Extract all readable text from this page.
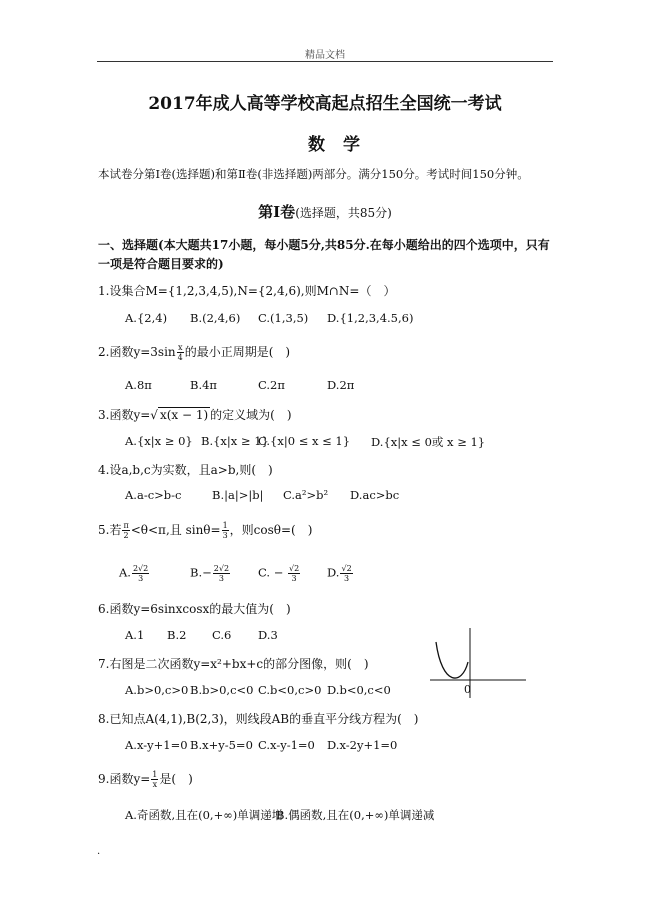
精品文档
2017年成人高等学校高起点招生全国统一考试
数学
本试卷分第Ⅰ卷(选择题)和第Ⅱ卷(非选择题)两部分。满分150分。考试时间150分钟。
第Ⅰ卷(选择题，共85分)
一、选择题(本大题共17小题，每小题5分,共85分.在每小题给出的四个选项中，只有一项是符合题目要求的)
1.设集合M={1,2,3,4,5),N={2,4,6),则M∩N=（　）
A.{2,4) B.(2,4,6) C.(1,3,5) D.{1,2,3,4.5,6)
2.函数$y=3\sin \frac{x}{4}$ 的最小正周期是(　)
A.8π	B.4π	C.2π	D.2π
3.函数y=√ x(x − 1) 的定义域为(　)
A.{x|x ≥ 0} B.{x|x ≥ 1}
C.{x|0 ≤ x ≤ 1} D.{x|x ≤ 0或 x ≥ 1}
4.设a,b,c为实数，且a>b,则(　)
A.a-c>b-c	B.|a|>|b| C.a²>b² D.ac>bc
5.若 $\frac{\pi}{2} <\theta<\pi$,且 $\sin\theta= \frac{1}{3}$ ，则cosθ=(　)
A. $\frac{2√2}{3}$	$B.- \frac{2√2}{3} C$. − $\frac{√2}{3} D$. $\frac{√2}{3}$
6.函数y=6sinxcosx的最大值为(　)
A.1 B.2 C.6 D.3
7.右图是二次函数y=x²+bx+c的部分图像，则(　)
A.b>0,c>0 B.b>0,c<0 C.b<0,c>0 D.b<0,c<0	0
8.已知点A(4,1),B(2,3)，则线段AB的垂直平分线方程为(　)
A.x-y+1=0 B.x+y-5=0 C.x-y-1=0 D.x-2y+1=0
9.函数$y= \frac{1}{x}$ 是(　)
A.奇函数,且在(0,+∞)单调递增
B.偶函数,且在(0,+∞)单调递减
.
